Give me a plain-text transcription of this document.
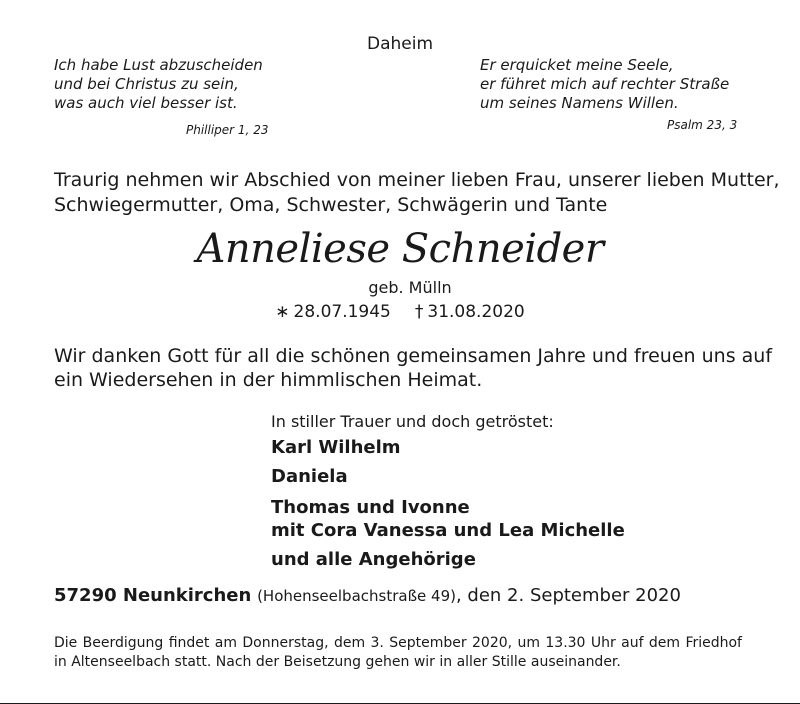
Daheim
Ich habe Lust abzuscheiden
und bei Christus zu sein,
was auch viel besser ist.
Philliper 1, 23
Er erquicket meine Seele,
er führet mich auf rechter Straße
um seines Namens Willen.
Psalm 23, 3
Traurig nehmen wir Abschied von meiner lieben Frau, unserer lieben Mutter,
Schwiegermutter, Oma, Schwester, Schwägerin und Tante
Anneliese Schneider
geb. Mülln
∗ 28.07.1945 † 31.08.2020
Wir danken Gott für all die schönen gemeinsamen Jahre und freuen uns auf
ein Wiedersehen in der himmlischen Heimat.
In stiller Trauer und doch getröstet:
Karl Wilhelm
Daniela
Thomas und Ivonne
mit Cora Vanessa und Lea Michelle
und alle Angehörige
57290 Neunkirchen (Hohenseelbachstraße 49), den 2. September 2020
Die Beerdigung findet am Donnerstag, dem 3. September 2020, um 13.30 Uhr auf dem Friedhof in Altenseelbach statt. Nach der Beisetzung gehen wir in aller Stille auseinander.
